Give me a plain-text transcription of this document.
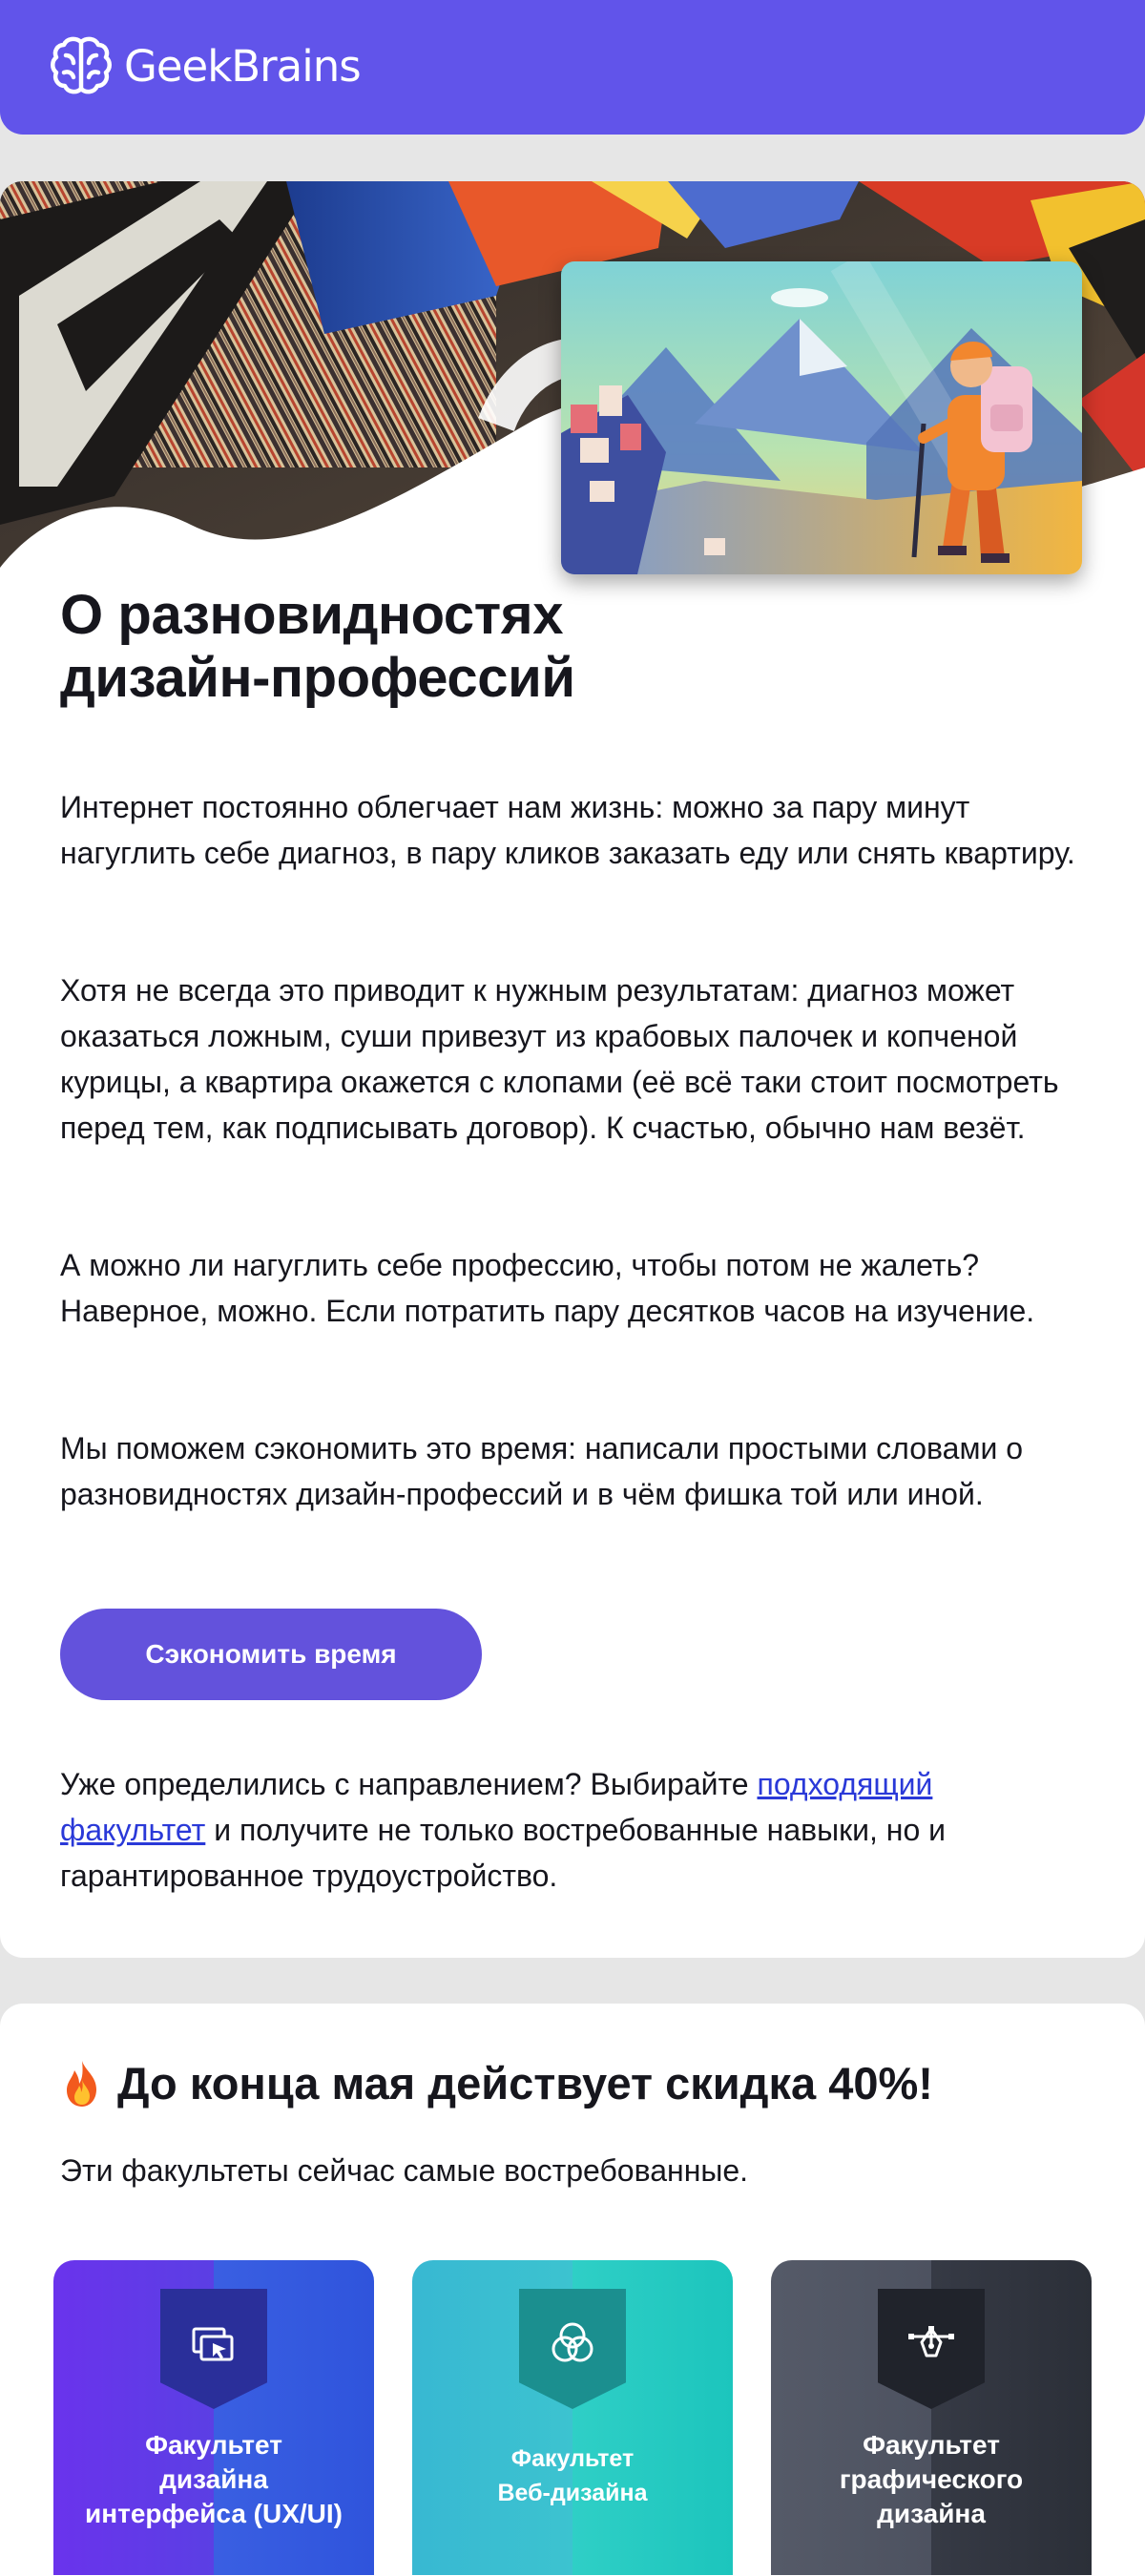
GeekBrains
О разновидностях
дизайн-профессий

Интернет постоянно облегчает нам жизнь: можно за пару минут нагуглить себе диагноз, в пару кликов заказать еду или снять квартиру.

Хотя не всегда это приводит к нужным результатам: диагноз может оказаться ложным, суши привезут из крабовых палочек и копченой курицы, а квартира окажется с клопами (её всё таки стоит посмотреть перед тем, как подписывать договор). К счастью, обычно нам везёт.

А можно ли нагуглить себе профессию, чтобы потом не жалеть? Наверное, можно. Если потратить пару десятков часов на изучение.

Мы поможем сэкономить это время: написали простыми словами о разновидностях дизайн-профессий и в чём фишка той или иной.

Сэкономить время

Уже определились с направлением? Выбирайте подходящий факультет и получите не только востребованные навыки, но и гарантированное трудоустройство.

До конца мая действует скидка 40%!

Эти факультеты сейчас самые востребованные.

Факультет
дизайна
интерфейса (UX/UI)
Факультет
Веб-дизайна
Факультет
графического
дизайна
